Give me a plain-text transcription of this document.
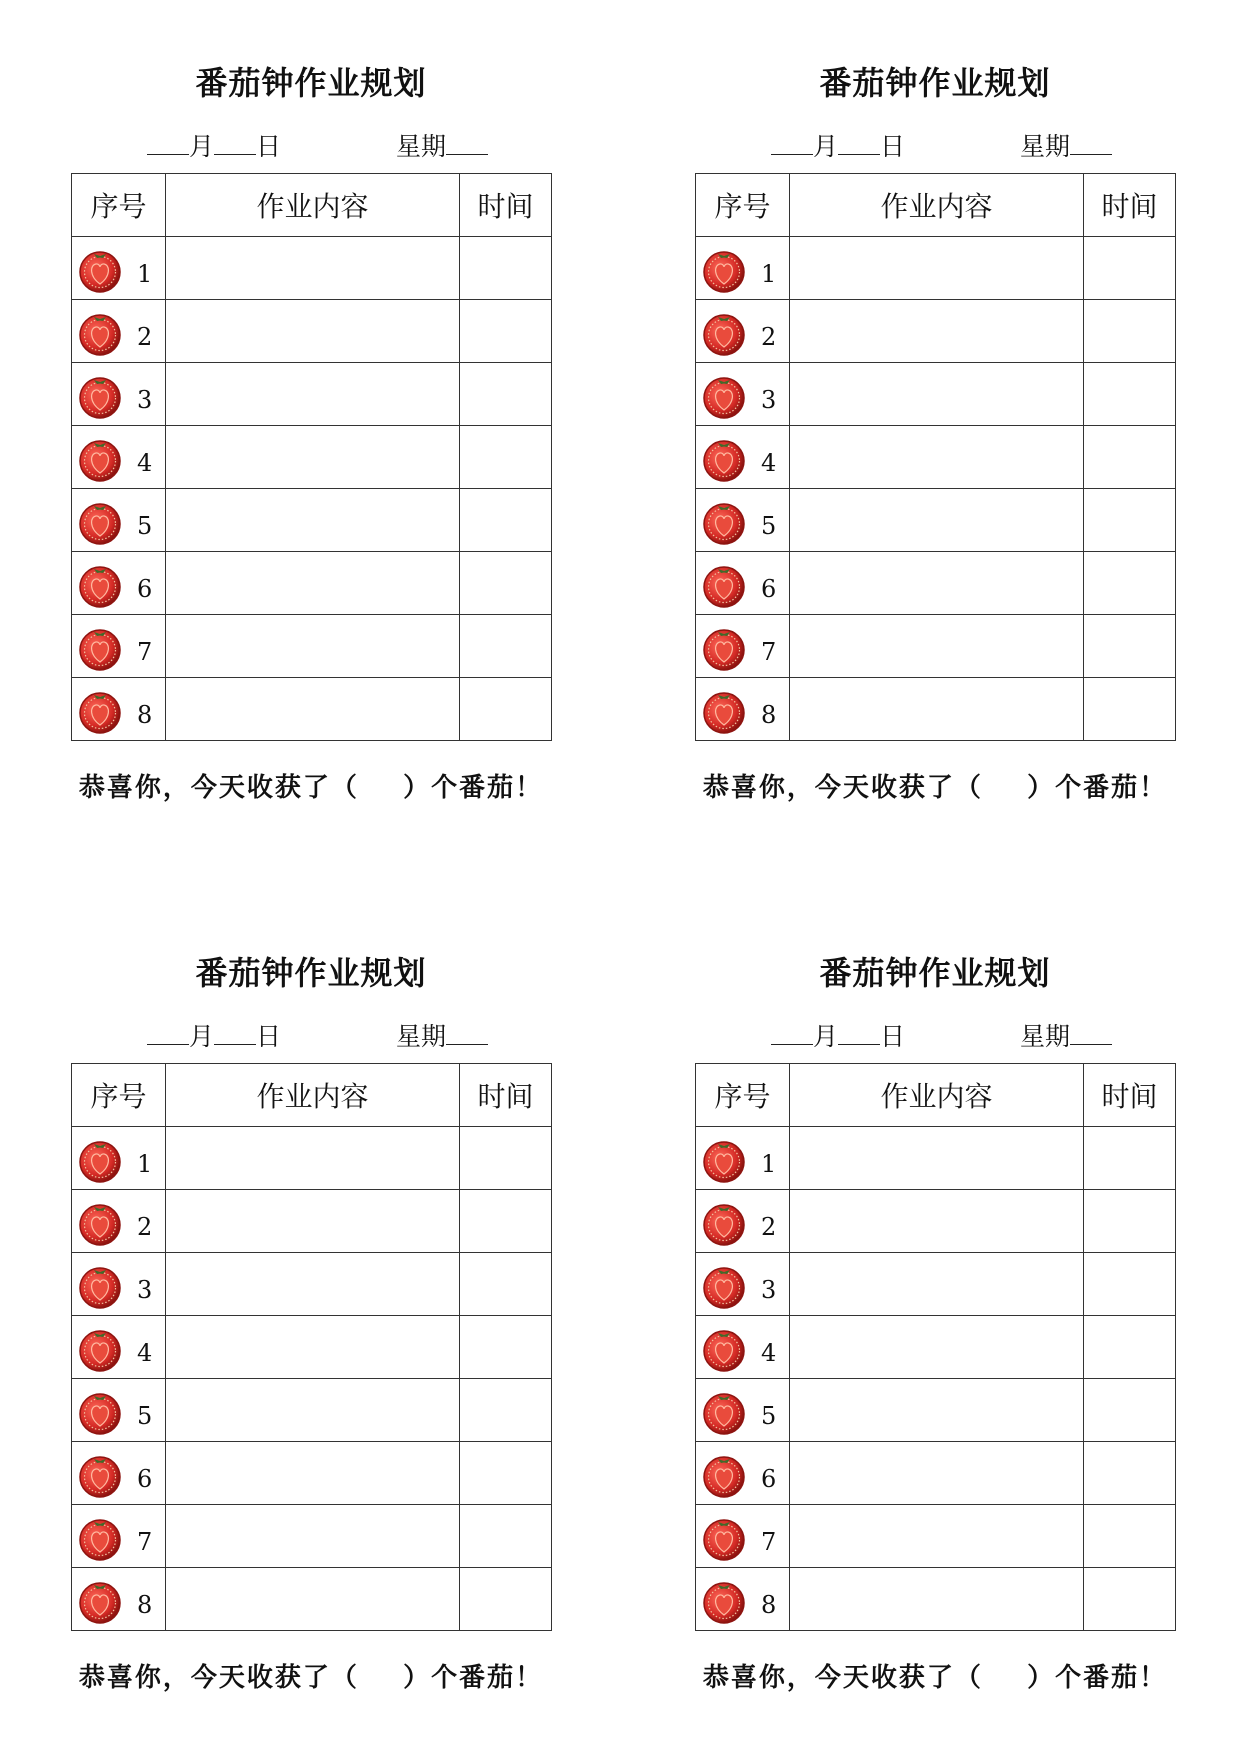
番茄钟作业规划
月 日	星期
序号	作业内容	时间

1		

2		

3		

4		

5		

6		

7		

8		

恭喜你，今天收获了（    ）个番茄！

番茄钟作业规划
月 日	星期
序号	作业内容	时间

1		

2		

3		

4		

5		

6		

7		

8		

恭喜你，今天收获了（    ）个番茄！

番茄钟作业规划
月 日	星期
序号	作业内容	时间

1		

2		

3		

4		

5		

6		

7		

8		

恭喜你，今天收获了（    ）个番茄！

番茄钟作业规划
月 日	星期
序号	作业内容	时间

1		

2		

3		

4		

5		

6		

7		

8		

恭喜你，今天收获了（    ）个番茄！
